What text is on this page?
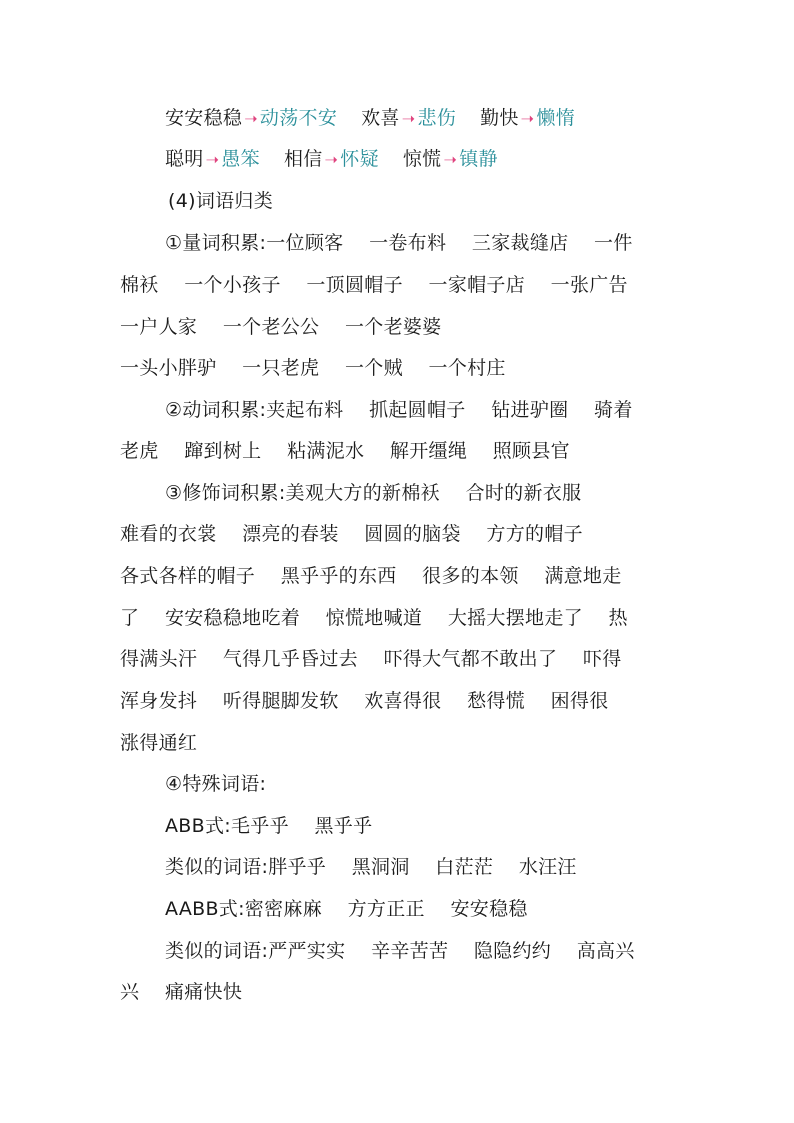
安安稳稳 ➝ 动荡不安 欢喜 ➝ 悲伤 勤快 ➝ 懒惰
聪明 ➝ 愚笨 相信 ➝ 怀疑 惊慌 ➝ 镇静
(4)词语归类
①量词积累:一位顾客　 一卷布料　 三家裁缝店　 一件
棉袄　 一个小孩子　 一顶圆帽子　 一家帽子店　 一张广告
一户人家　 一个老公公　 一个老婆婆
一头小胖驴　 一只老虎　 一个贼　 一个村庄
②动词积累:夹起布料　 抓起圆帽子　 钻进驴圈　 骑着
老虎　 蹿到树上　 粘满泥水　 解开缰绳　 照顾县官
③修饰词积累:美观大方的新棉袄　 合时的新衣服
难看的衣裳　 漂亮的春装　 圆圆的脑袋　 方方的帽子
各式各样的帽子　 黑乎乎的东西　 很多的本领　 满意地走
了　 安安稳稳地吃着　 惊慌地喊道　 大摇大摆地走了　 热
得满头汗　 气得几乎昏过去　 吓得大气都不敢出了　 吓得
浑身发抖　 听得腿脚发软　 欢喜得很　 愁得慌　 困得很
涨得通红
④特殊词语:
ABB式:毛乎乎　 黑乎乎
类似的词语:胖乎乎　 黑洞洞　 白茫茫　 水汪汪
AABB式:密密麻麻　 方方正正　 安安稳稳
类似的词语:严严实实　 辛辛苦苦　 隐隐约约　 高高兴
兴　 痛痛快快
